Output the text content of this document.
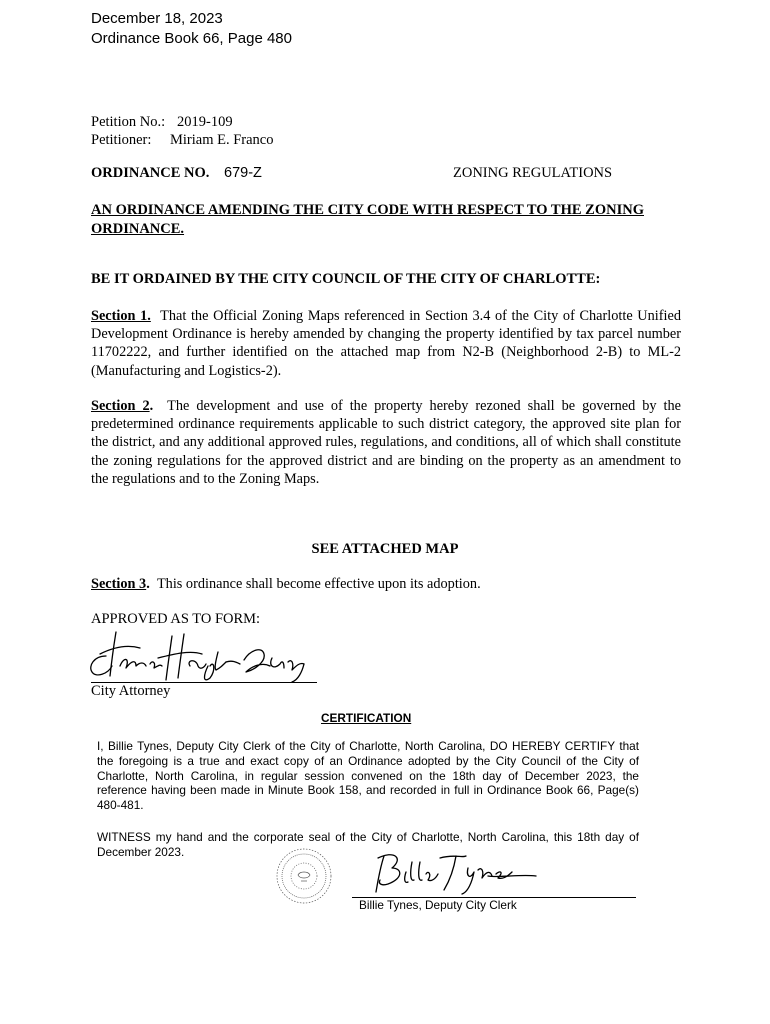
December 18, 2023
Ordinance Book 66, Page 480
Petition No.: 2019-109
Petitioner: Miriam E. Franco
ORDINANCE NO. 679-Z	ZONING REGULATIONS
AN ORDINANCE AMENDING THE CITY CODE WITH RESPECT TO THE ZONING ORDINANCE.
BE IT ORDAINED BY THE CITY COUNCIL OF THE CITY OF CHARLOTTE:
Section 1. That the Official Zoning Maps referenced in Section 3.4 of the City of Charlotte Unified Development Ordinance is hereby amended by changing the property identified by tax parcel number 11702222, and further identified on the attached map from N2-B (Neighborhood 2-B) to ML-2 (Manufacturing and Logistics-2).
Section 2. The development and use of the property hereby rezoned shall be governed by the predetermined ordinance requirements applicable to such district category, the approved site plan for the district, and any additional approved rules, regulations, and conditions, all of which shall constitute the zoning regulations for the approved district and are binding on the property as an amendment to the regulations and to the Zoning Maps.
SEE ATTACHED MAP
Section 3. This ordinance shall become effective upon its adoption.
APPROVED AS TO FORM:
City Attorney
CERTIFICATION
I, Billie Tynes, Deputy City Clerk of the City of Charlotte, North Carolina, DO HEREBY CERTIFY that the foregoing is a true and exact copy of an Ordinance adopted by the City Council of the City of Charlotte, North Carolina, in regular session convened on the 18th day of December 2023, the reference having been made in Minute Book 158, and recorded in full in Ordinance Book 66, Page(s) 480-481.
WITNESS my hand and the corporate seal of the City of Charlotte, North Carolina, this 18th day of December 2023.
Billie Tynes, Deputy City Clerk
